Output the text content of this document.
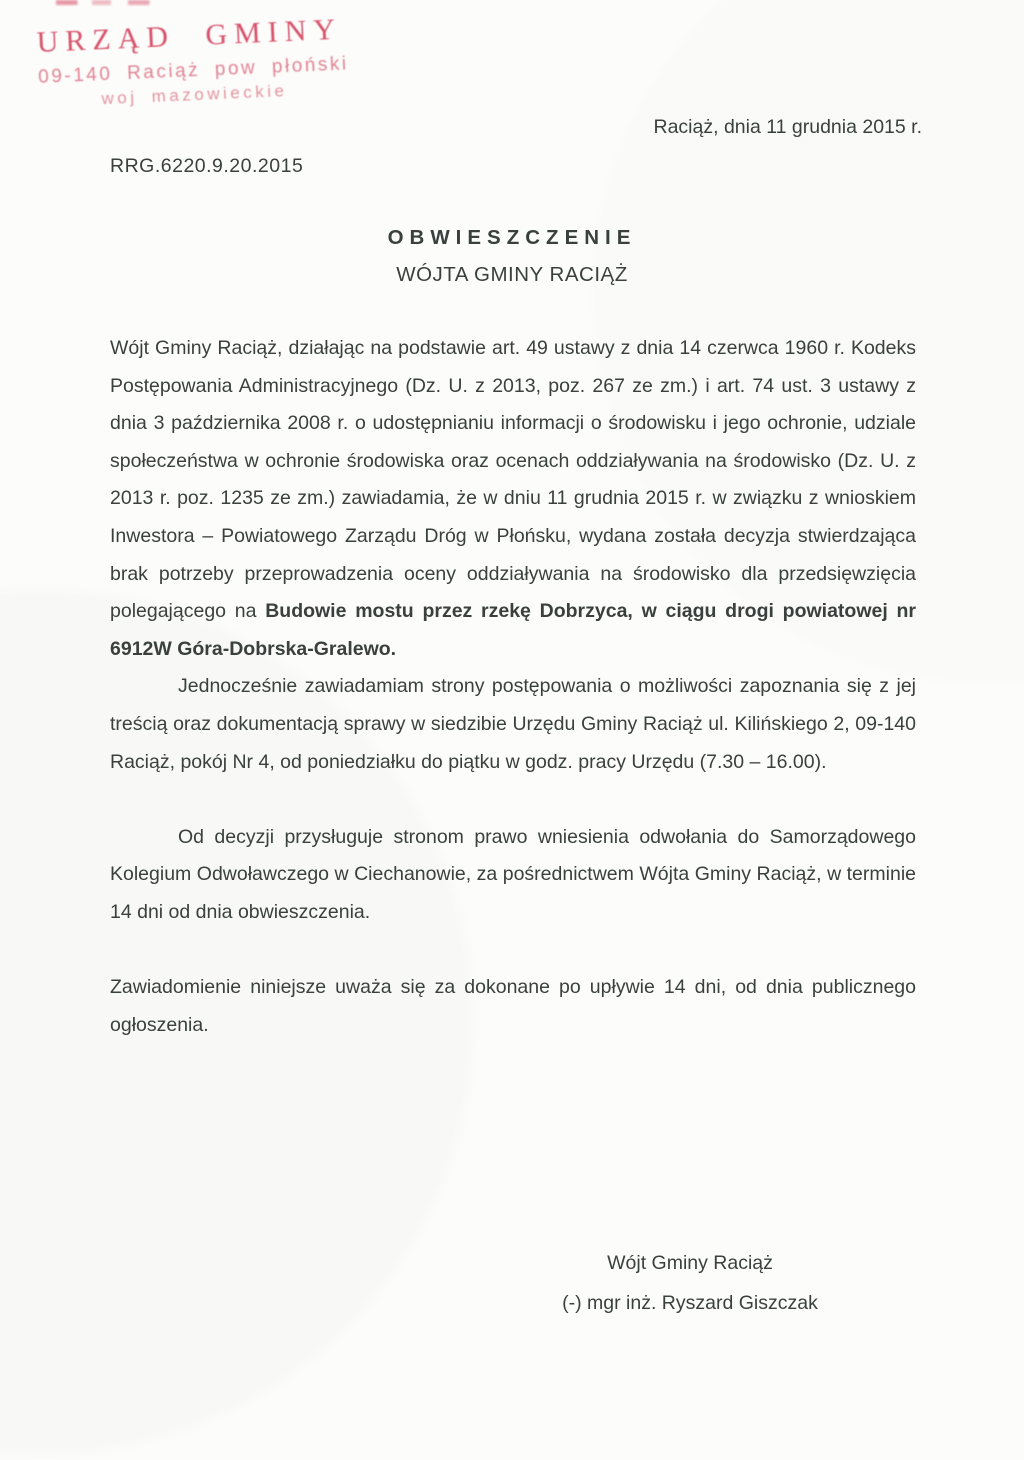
URZĄD GMINY
09-140 Raciąż pow płoński
woj mazowieckie
Raciąż, dnia 11 grudnia 2015 r.
RRG.6220.9.20.2015
OBWIESZCZENIE
WÓJTA GMINY RACIĄŻ

Wójt Gminy Raciąż, działając na podstawie art. 49 ustawy z dnia 14 czerwca 1960 r. Kodeks Postępowania Administracyjnego (Dz. U. z 2013, poz. 267 ze zm.) i art. 74 ust. 3 ustawy z dnia 3 października 2008 r. o udostępnianiu informacji o środowisku i jego ochronie, udziale społeczeństwa w ochronie środowiska oraz ocenach oddziaływania na środowisko (Dz. U. z 2013 r. poz. 1235 ze zm.) zawiadamia, że w dniu 11 grudnia 2015 r. w związku z wnioskiem Inwestora – Powiatowego Zarządu Dróg w Płońsku, wydana została decyzja stwierdzająca brak potrzeby przeprowadzenia oceny oddziaływania na środowisko dla przedsięwzięcia polegającego na Budowie mostu przez rzekę Dobrzyca, w ciągu drogi powiatowej nr 6912W Góra-Dobrska-Gralewo.

Jednocześnie zawiadamiam strony postępowania o możliwości zapoznania się z jej treścią oraz dokumentacją sprawy w siedzibie Urzędu Gminy Raciąż ul. Kilińskiego 2, 09-140 Raciąż, pokój Nr 4, od poniedziałku do piątku w godz. pracy Urzędu (7.30 – 16.00).

Od decyzji przysługuje stronom prawo wniesienia odwołania do Samorządowego Kolegium Odwoławczego w Ciechanowie, za pośrednictwem Wójta Gminy Raciąż, w terminie 14 dni od dnia obwieszczenia.

Zawiadomienie niniejsze uważa się za dokonane po upływie 14 dni, od dnia publicznego ogłoszenia.

Wójt Gminy Raciąż
(-) mgr inż. Ryszard Giszczak
